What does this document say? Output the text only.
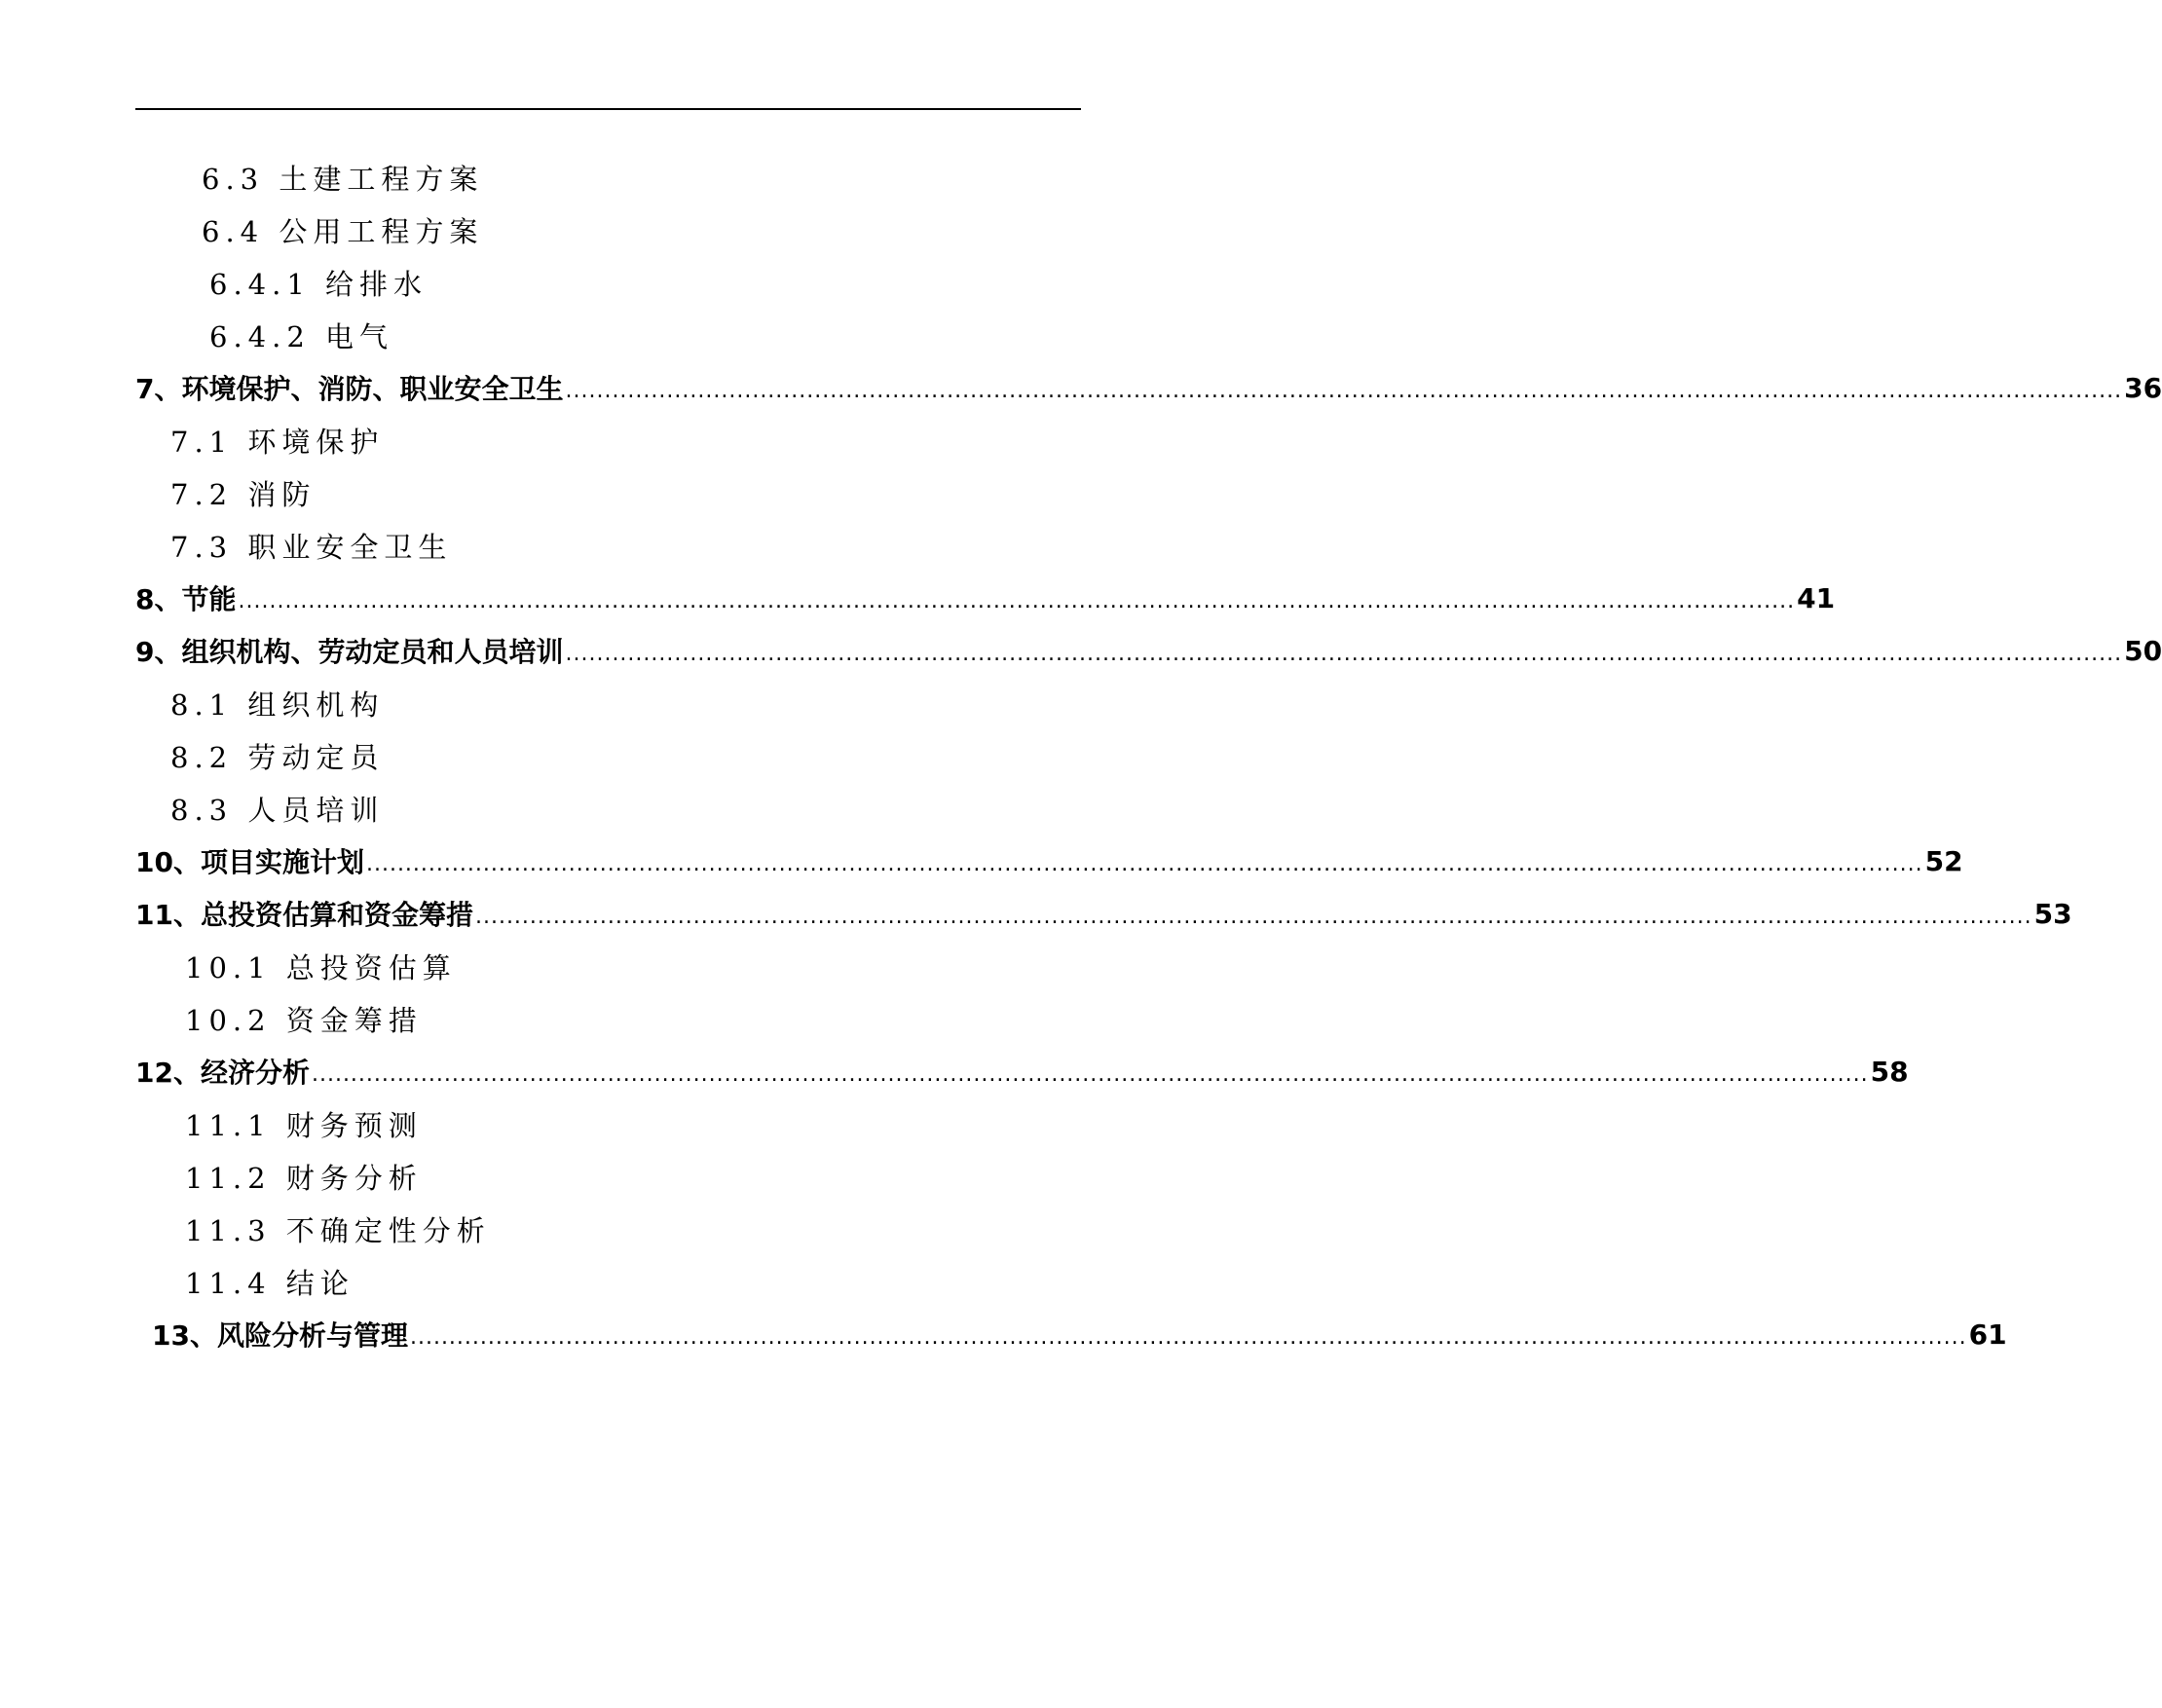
6.3 土建工程方案
6.4 公用工程方案
6.4.1 给排水
6.4.2 电气
7、环境保护、消防、职业安全卫生 ........................................................................................................................................................................................................ 36
7.1 环境保护
7.2 消防
7.3 职业安全卫生
8、节能 ........................................................................................................................................................................................................ 41
9、组织机构、劳动定员和人员培训 ........................................................................................................................................................................................................ 50
8.1 组织机构
8.2 劳动定员
8.3 人员培训
10、项目实施计划 ........................................................................................................................................................................................................ 52
11、总投资估算和资金筹措 ........................................................................................................................................................................................................ 53
10.1 总投资估算
10.2 资金筹措
12、经济分析 ........................................................................................................................................................................................................ 58
11.1 财务预测
11.2 财务分析
11.3 不确定性分析
11.4 结论
13、风险分析与管理 ........................................................................................................................................................................................................ 61
